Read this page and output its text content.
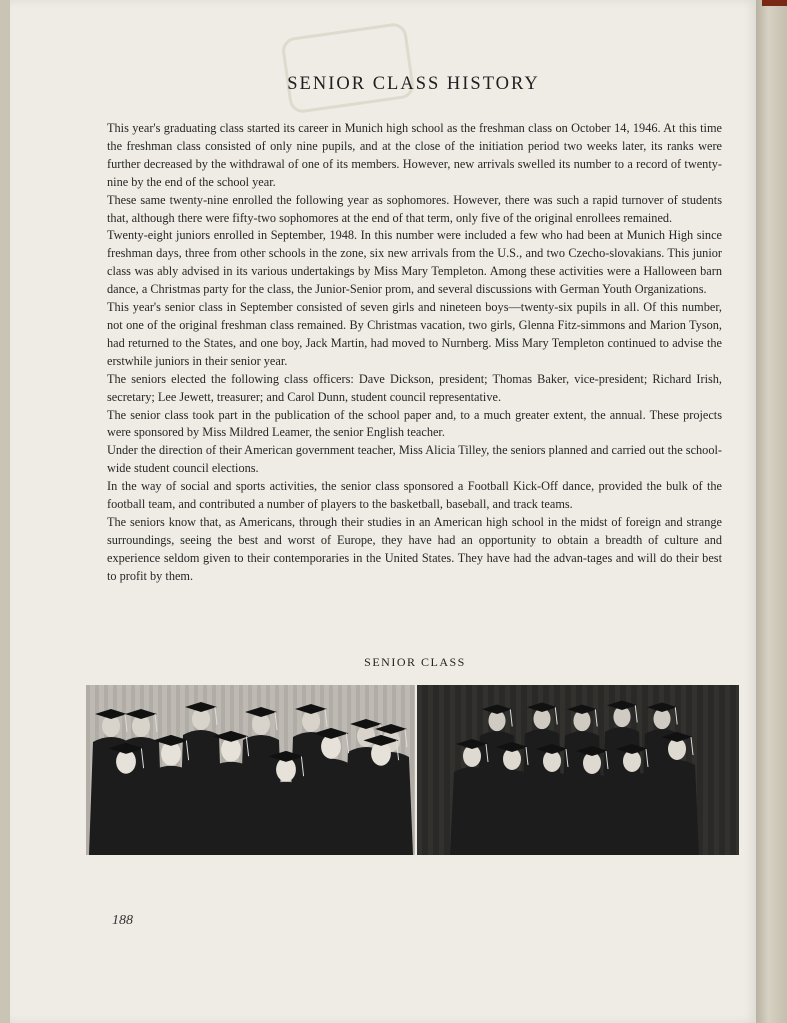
SENIOR CLASS HISTORY

This year's graduating class started its career in Munich high school as the freshman class on October 14, 1946. At this time the freshman class consisted of only nine pupils, and at the close of the initiation period two weeks later, its ranks were further decreased by the withdrawal of one of its members. However, new arrivals swelled its number to a record of twenty-nine by the end of the school year.

These same twenty-nine enrolled the following year as sophomores. However, there was such a rapid turnover of students that, although there were fifty-two sophomores at the end of that term, only five of the original enrollees remained.

Twenty-eight juniors enrolled in September, 1948. In this number were included a few who had been at Munich High since freshman days, three from other schools in the zone, six new arrivals from the U.S., and two Czecho-slovakians. This junior class was ably advised in its various undertakings by Miss Mary Templeton. Among these activities were a Halloween barn dance, a Christmas party for the class, the Junior-Senior prom, and several discussions with German Youth Organizations.

This year's senior class in September consisted of seven girls and nineteen boys—twenty-six pupils in all. Of this number, not one of the original freshman class remained. By Christmas vacation, two girls, Glenna Fitz-simmons and Marion Tyson, had returned to the States, and one boy, Jack Martin, had moved to Nurnberg. Miss Mary Templeton continued to advise the erstwhile juniors in their senior year.

The seniors elected the following class officers: Dave Dickson, president; Thomas Baker, vice-president; Richard Irish, secretary; Lee Jewett, treasurer; and Carol Dunn, student council representative.

The senior class took part in the publication of the school paper and, to a much greater extent, the annual. These projects were sponsored by Miss Mildred Leamer, the senior English teacher.

Under the direction of their American government teacher, Miss Alicia Tilley, the seniors planned and carried out the school-wide student council elections.

In the way of social and sports activities, the senior class sponsored a Football Kick-Off dance, provided the bulk of the football team, and contributed a number of players to the basketball, baseball, and track teams.

The seniors know that, as Americans, through their studies in an American high school in the midst of foreign and strange surroundings, seeing the best and worst of Europe, they have had an opportunity to obtain a breadth of culture and experience seldom given to their contemporaries in the United States. They have had the advan-tages and will do their best to profit by them.

SENIOR CLASS
188
